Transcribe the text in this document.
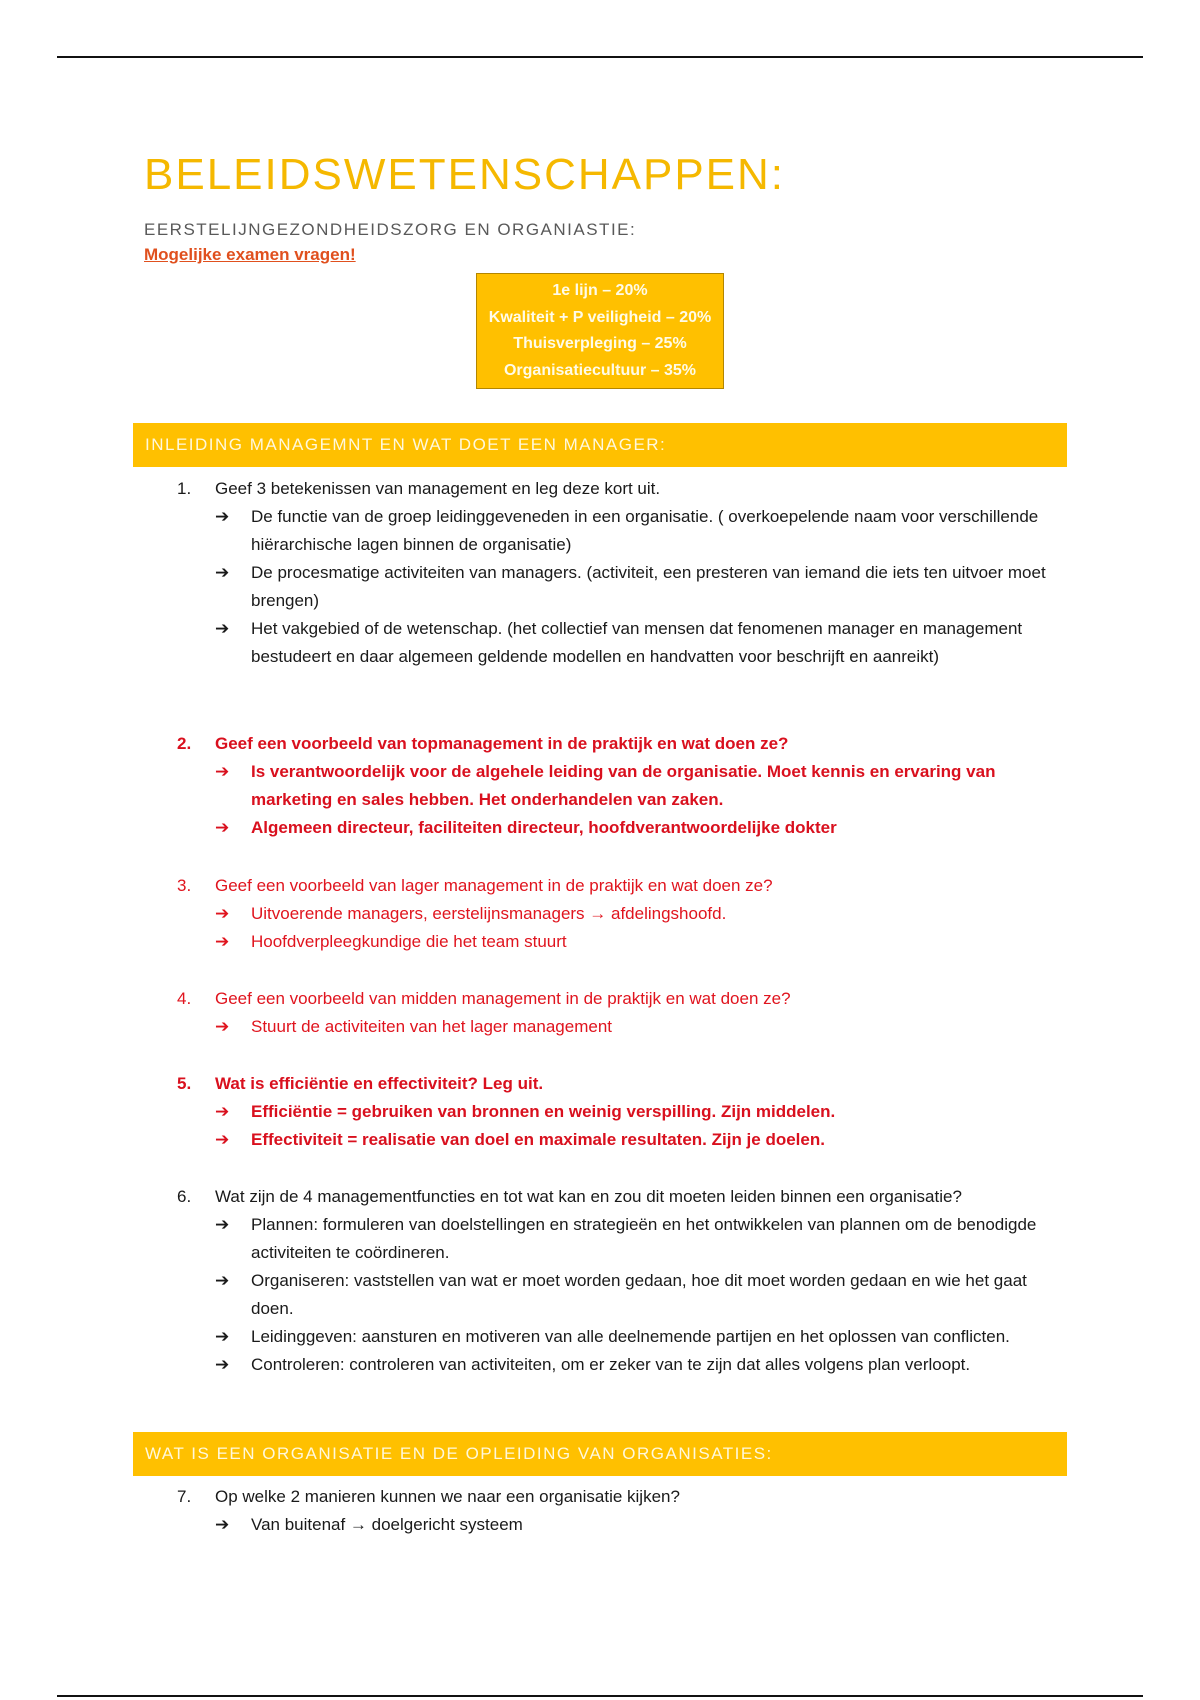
BELEIDSWETENSCHAPPEN:
EERSTELIJNGEZONDHEIDSZORG EN ORGANIASTIE:
Mogelijke examen vragen!
1e lijn – 20%
Kwaliteit + P veiligheid – 20%
Thuisverpleging – 25%
Organisatiecultuur – 35%
INLEIDING MANAGEMNT EN WAT DOET EEN MANAGER:
1.	Geef 3 betekenissen van management en leg deze kort uit.
➔ De functie van de groep leidinggeveneden in een organisatie. ( overkoepelende naam voor verschillende hiërarchische lagen binnen de organisatie)
➔ De procesmatige activiteiten van managers. (activiteit, een presteren van iemand die iets ten uitvoer moet brengen)
➔ Het vakgebied of de wetenschap. (het collectief van mensen dat fenomenen manager en management bestudeert en daar algemeen geldende modellen en handvatten voor beschrijft en aanreikt)
2.	Geef een voorbeeld van topmanagement in de praktijk en wat doen ze?
➔ Is verantwoordelijk voor de algehele leiding van de organisatie. Moet kennis en ervaring van marketing en sales hebben. Het onderhandelen van zaken.
➔ Algemeen directeur, faciliteiten directeur, hoofdverantwoordelijke dokter
3.	Geef een voorbeeld van lager management in de praktijk en wat doen ze?
➔ Uitvoerende managers, eerstelijnsmanagers → afdelingshoofd.
➔ Hoofdverpleegkundige die het team stuurt
4.	Geef een voorbeeld van midden management in de praktijk en wat doen ze?
➔ Stuurt de activiteiten van het lager management
5.	Wat is efficiëntie en effectiviteit? Leg uit.
➔ Efficiëntie = gebruiken van bronnen en weinig verspilling. Zijn middelen.
➔ Effectiviteit = realisatie van doel en maximale resultaten. Zijn je doelen.
6.	Wat zijn de 4 managementfuncties en tot wat kan en zou dit moeten leiden binnen een organisatie?
➔ Plannen: formuleren van doelstellingen en strategieën en het ontwikkelen van plannen om de benodigde activiteiten te coördineren.
➔ Organiseren: vaststellen van wat er moet worden gedaan, hoe dit moet worden gedaan en wie het gaat doen.
➔ Leidinggeven: aansturen en motiveren van alle deelnemende partijen en het oplossen van conflicten.
➔ Controleren: controleren van activiteiten, om er zeker van te zijn dat alles volgens plan verloopt.
WAT IS EEN ORGANISATIE EN DE OPLEIDING VAN ORGANISATIES:
7.	Op welke 2 manieren kunnen we naar een organisatie kijken?
➔ Van buitenaf → doelgericht systeem
